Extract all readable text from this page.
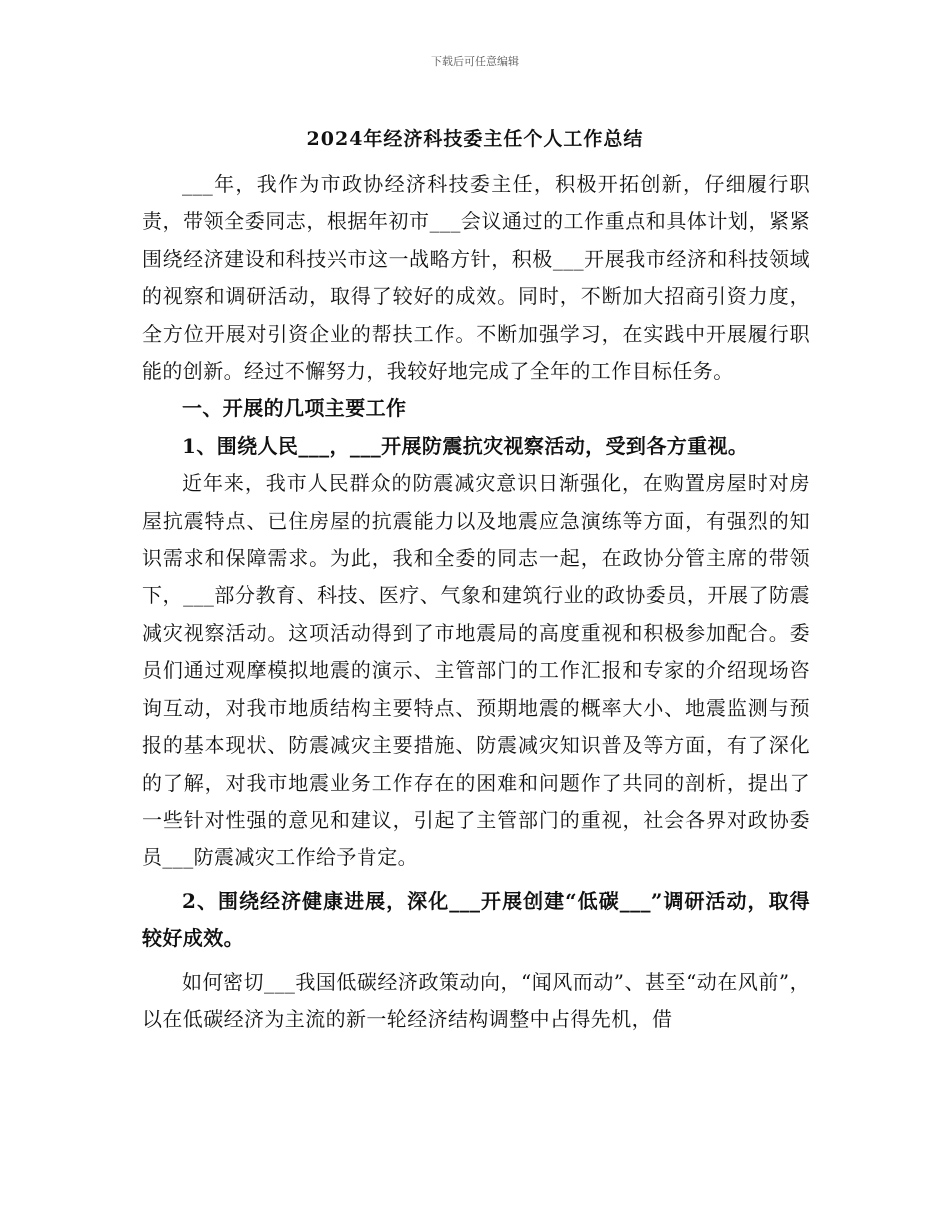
下载后可任意编辑
2024年经济科技委主任个人工作总结

___年，我作为市政协经济科技委主任，积极开拓创新，仔细履行职责，带领全委同志，根据年初市___会议通过的工作重点和具体计划，紧紧围绕经济建设和科技兴市这一战略方针，积极___开展我市经济和科技领域的视察和调研活动，取得了较好的成效。同时，不断加大招商引资力度，全方位开展对引资企业的帮扶工作。不断加强学习，在实践中开展履行职能的创新。经过不懈努力，我较好地完成了全年的工作目标任务。

一、开展的几项主要工作

1、围绕人民___，___开展防震抗灾视察活动，受到各方重视。

近年来，我市人民群众的防震减灾意识日渐强化，在购置房屋时对房屋抗震特点、已住房屋的抗震能力以及地震应急演练等方面，有强烈的知识需求和保障需求。为此，我和全委的同志一起，在政协分管主席的带领下，___部分教育、科技、医疗、气象和建筑行业的政协委员，开展了防震减灾视察活动。这项活动得到了市地震局的高度重视和积极参加配合。委员们通过观摩模拟地震的演示、主管部门的工作汇报和专家的介绍现场咨询互动，对我市地质结构主要特点、预期地震的概率大小、地震监测与预报的基本现状、防震减灾主要措施、防震减灾知识普及等方面，有了深化的了解，对我市地震业务工作存在的困难和问题作了共同的剖析，提出了一些针对性强的意见和建议，引起了主管部门的重视，社会各界对政协委员___防震减灾工作给予肯定。

2、围绕经济健康进展，深化___开展创建“低碳___”调研活动，取得较好成效。

如何密切___我国低碳经济政策动向，“闻风而动”、甚至“动在风前”，以在低碳经济为主流的新一轮经济结构调整中占得先机，借
